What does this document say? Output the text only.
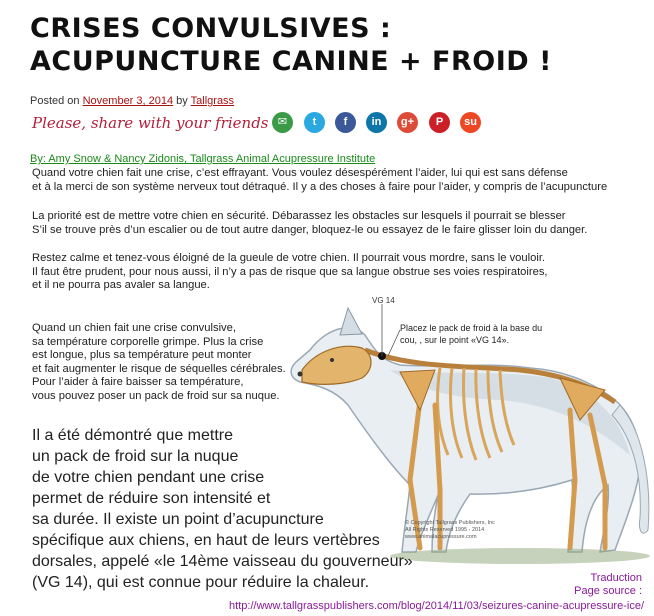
CRISES CONVULSIVES :
ACUPUNCTURE CANINE + FROID !
Posted on November 3, 2014 by Tallgrass
Please, share with your friends ✉	t	f	in	g+	P	su
By: Amy Snow & Nancy Zidonis, Tallgrass Animal Acupressure Institute

Quand votre chien fait une crise, c’est effrayant. Vous voulez désespérément l’aider, lui qui est sans défense
et à la merci de son système nerveux tout détraqué. Il y a des choses à faire pour l’aider, y compris de l’acupuncture

La priorité est de mettre votre chien en sécurité. Débarassez les obstacles sur lesquels il pourrait se blesser
S’il se trouve près d’un escalier ou de tout autre danger, bloquez-le ou essayez de le faire glisser loin du danger.

Restez calme et tenez-vous éloigné de la gueule de votre chien. Il pourrait vous mordre, sans le vouloir.
Il faut être prudent, pour nous aussi, il n’y a pas de risque que sa langue obstrue ses voies respiratoires,
et il ne pourra pas avaler sa langue.

VG 14
Placez le pack de froid à la base du
cou, , sur le point «VG 14».
© Copyright Tallgrass Publishers, Inc
All Rights Reserved 1995 - 2014
www.animalacupressure.com

Quand un chien fait une crise convulsive,
sa température corporelle grimpe. Plus la crise
est longue, plus sa température peut monter
et fait augmenter le risque de séquelles cérébrales.
Pour l’aider à faire baisser sa température,
vous pouvez poser un pack de froid sur sa nuque.

Il a été démontré que mettre
un pack de froid sur la nuque
de votre chien pendant une crise
permet de réduire son intensité et
sa durée. Il existe un point d’acupuncture
spécifique aux chiens, en haut de leurs vertèbres
dorsales, appelé «le 14ème vaisseau du gouverneur»
(VG 14), qui est connue pour réduire la chaleur.	Traduction
Page source :
http://www.tallgrasspublishers.com/blog/2014/11/03/seizures-canine-acupressure-ice/
